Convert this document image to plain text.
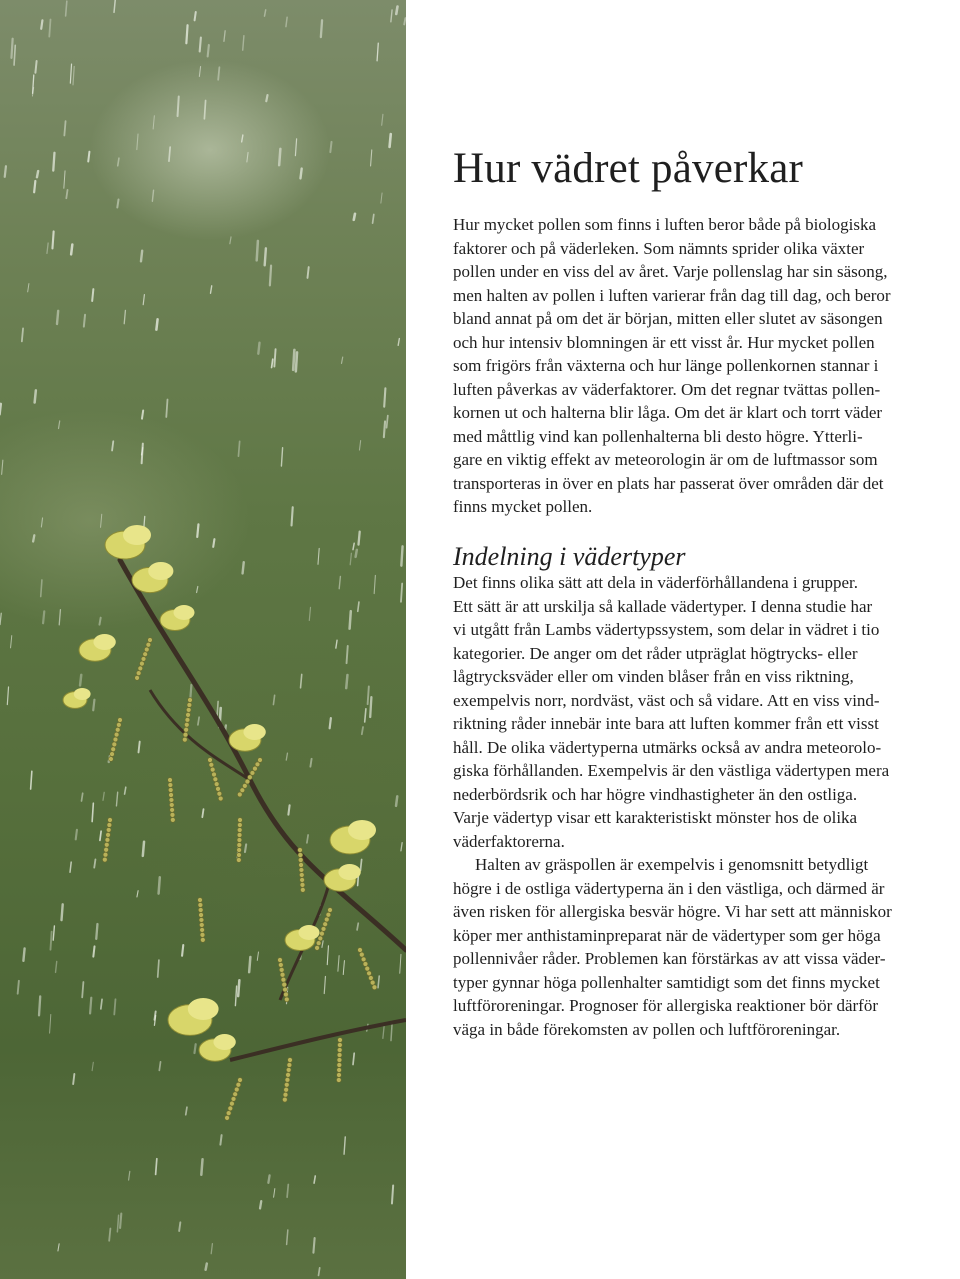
Hur vädret påverkar
Hur mycket pollen som finns i luften beror både på biologiska
faktorer och på väderleken. Som nämnts sprider olika växter
pollen under en viss del av året. Varje pollenslag har sin säsong,
men halten av pollen i luften varierar från dag till dag, och beror
bland annat på om det är början, mitten eller slutet av säsongen
och hur intensiv blomningen är ett visst år. Hur mycket pollen
som frigörs från växterna och hur länge pollenkornen stannar i
luften påverkas av väderfaktorer. Om det regnar tvättas pollen-
kornen ut och halterna blir låga. Om det är klart och torrt väder
med måttlig vind kan pollenhalterna bli desto högre. Ytterli-
gare en viktig effekt av meteorologin är om de luftmassor som
transporteras in över en plats har passerat över områden där det
finns mycket pollen.
Indelning i vädertyper
Det finns olika sätt att dela in väderförhållandena i grupper.
Ett sätt är att urskilja så kallade vädertyper. I denna studie har
vi utgått från Lambs vädertypssystem, som delar in vädret i tio
kategorier. De anger om det råder utpräglat högtrycks- eller
lågtrycksväder eller om vinden blåser från en viss riktning,
exempelvis norr, nordväst, väst och så vidare. Att en viss vind-
riktning råder innebär inte bara att luften kommer från ett visst
håll. De olika vädertyperna utmärks också av andra meteorolo-
giska förhållanden. Exempelvis är den västliga vädertypen mera
nederbördsrik och har högre vindhastigheter än den ostliga.
Varje vädertyp visar ett karakteristiskt mönster hos de olika
väderfaktorerna.
Halten av gräspollen är exempelvis i genomsnitt betydligt
högre i de ostliga vädertyperna än i den västliga, och därmed är
även risken för allergiska besvär högre. Vi har sett att människor
köper mer anthistaminpreparat när de vädertyper som ger höga
pollennivåer råder. Problemen kan förstärkas av att vissa väder-
typer gynnar höga pollenhalter samtidigt som det finns mycket
luftföroreningar. Prognoser för allergiska reaktioner bör därför
väga in både förekomsten av pollen och luftföroreningar.
